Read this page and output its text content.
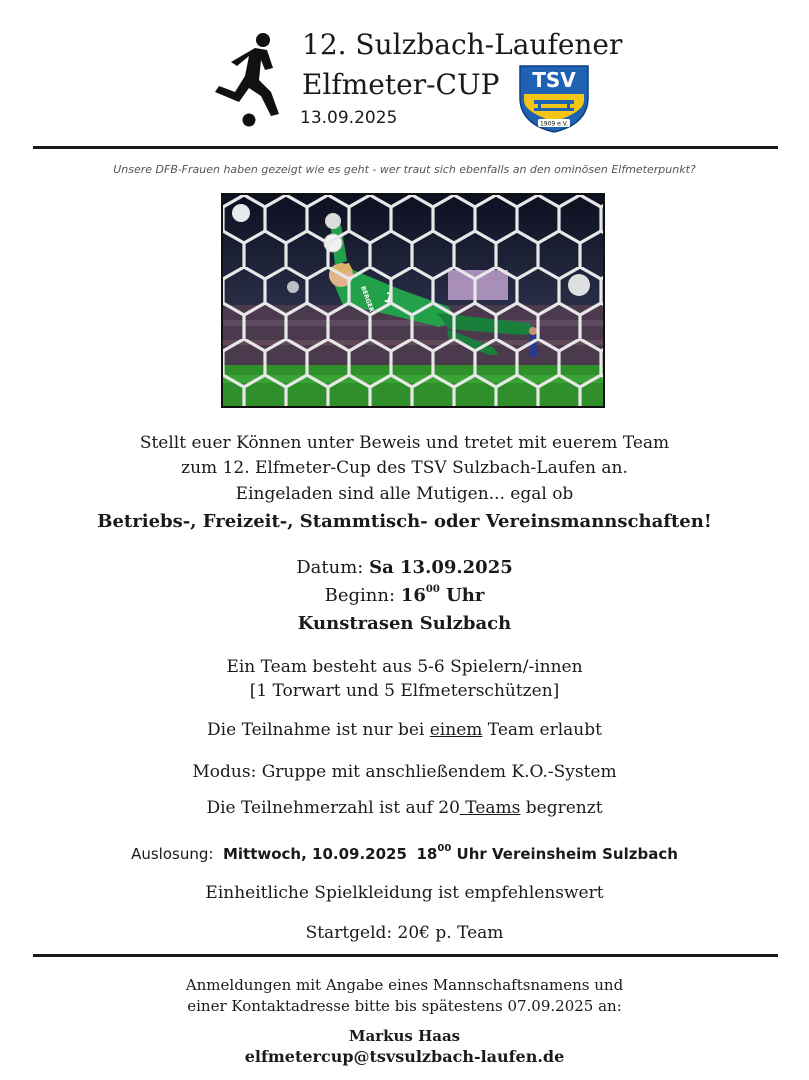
12. Sulzbach-Laufener
Elfmeter-CUP
13.09.2025
TSV
1909 e.V.
Unsere DFB-Frauen haben gezeigt wie es geht - wer traut sich ebenfalls an den ominösen Elfmeterpunkt?
Stellt euer Können unter Beweis und tretet mit euerem Team
zum 12. Elfmeter-Cup des TSV Sulzbach-Laufen an.
Eingeladen sind alle Mutigen... egal ob
Betriebs-, Freizeit-, Stammtisch- oder Vereinsmannschaften!
Datum: Sa 13.09.2025
Beginn: $16^{00}$ Uhr
Kunstrasen Sulzbach
Ein Team besteht aus 5-6 Spielern/-innen
[1 Torwart und 5 Elfmeterschützen]
Die Teilnahme ist nur bei einem Team erlaubt
Modus: Gruppe mit anschließendem K.O.-System
Die Teilnehmerzahl ist auf 20 Teams begrenzt
Auslosung: Mittwoch, 10.09.2025 $18^{00}$ Uhr Vereinsheim Sulzbach
Einheitliche Spielkleidung ist empfehlenswert
Startgeld: 20€ p. Team
Anmeldungen mit Angabe eines Mannschaftsnamens und
einer Kontaktadresse bitte bis spätestens 07.09.2025 an:
Markus Haas
elfmetercup@tsvsulzbach-laufen.de
